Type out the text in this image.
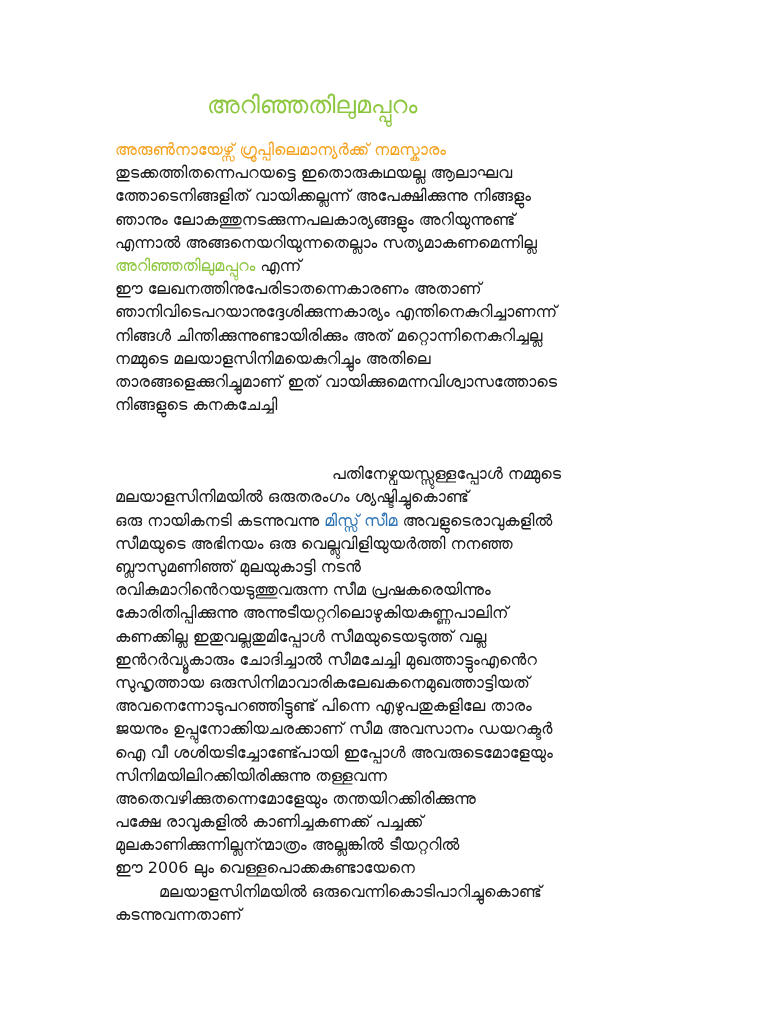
അറിഞ്ഞതിലുമപ്പുറം
അരുൺനായേഴ്സ് ഗ്രൂപ്പിലെമാന്യർക്ക് നമസ്കാരം
തുടക്കത്തിതന്നെപറയട്ടെ ഇതൊരുകഥയല്ല ആലാഘവ
ത്തോടെനിങ്ങളിത് വായിക്കല്ലന്ന് അപേക്ഷിക്കുന്നു നിങ്ങളും
ഞാനും ലോകത്തുനടക്കുന്നപലകാര്യങ്ങളും അറിയുന്നുണ്ട്
എന്നാൽ അങ്ങനെയറിയുന്നതെല്ലാം സത്യമാകണമെന്നില്ല
അറിഞ്ഞതിലുമപ്പുറം എന്ന്
ഈ ലേഖനത്തിനുപേരിടാതന്നെകാരണം അതാണ്
ഞാനിവിടെപറയാനുദ്ദേശിക്കുന്നകാര്യം എന്തിനെകുറിച്ചാണന്ന്
നിങ്ങൾ ചിന്തിക്കുന്നുണ്ടായിരിക്കും അത് മറ്റൊന്നിനെകുറിച്ചല്ല
നമ്മുടെ മലയാളസിനിമയെകുറിച്ചും അതിലെ
താരങ്ങളെക്കുറിച്ചുമാണ് ഇത് വായിക്കുമെന്നവിശ്വാസത്തോടെ
നിങ്ങളുടെ കനകചേച്ചി
പതിനേഴ്വയസ്സുള്ളപ്പോൾ നമ്മുടെ
മലയാളസിനിമയിൽ ഒരുതരംഗം ശ്യഷ്ടിച്ചുകൊണ്ട്
ഒരു നായികനടി കടന്നുവന്നു മിസ്സ് സീമ അവളുടെരാവുകളിൽ
സീമയുടെ അഭിനയം ഒരു വെല്ലുവിളിയുയർത്തി നനഞ്ഞ
ബ്ലൗസുമണിഞ്ഞ് മുലയുകാട്ടി നടൻ
രവികുമാറിൻെറയടുത്തുവരുന്ന സീമ പ്രഷകരെയിന്നും
കോരിതിപ്പിക്കുന്നു അന്നുടീയറ്ററിലൊഴുകിയകുണ്ണപാലിന്
കണക്കില്ല ഇതുവല്ലതുമിപ്പോൾ സീമയുടെയടുത്ത് വല്ല
ഇൻറർവ്യൂകാരും ചോദിച്ചാൽ സീമചേച്ചി മുഖത്താട്ടുംഎൻെറ
സുഹൃത്തായ ഒരുസിനിമാവാരികലേഖകനെമുഖത്താട്ടിയത്
അവനെന്നോടുപറഞ്ഞിട്ടുണ്ട് പിന്നെ എഴുപതുകളിലേ താരം
ജയനും ഉപ്പുനോക്കിയചരക്കാണ് സീമ അവസാനം ഡയറക്ടർ
ഐ വീ ശശിയടിച്ചോണ്ട്പോയി ഇപ്പോൾ അവരുടെമോളേയും
സിനിമയിലിറക്കിയിരിക്കുന്നു തള്ളവന്ന
അതെവഴിക്കുതന്നെമോളേയും തന്തയിറക്കിരിക്കുന്നു
പക്ഷേ രാവുകളിൽ കാണിച്ചകണക്ക് പച്ചക്ക്
മുലകാണിക്കുന്നില്ലന്ന്മാത്രം അല്ലങ്കിൽ ടീയറ്ററിൽ
ഈ 2006 ലും വെള്ളപൊക്കകുണ്ടായേനെ
മലയാളസിനിമയിൽ ഒരുവെന്നികൊടിപാറിച്ചുകൊണ്ട്
കടന്നുവന്നതാണ്
